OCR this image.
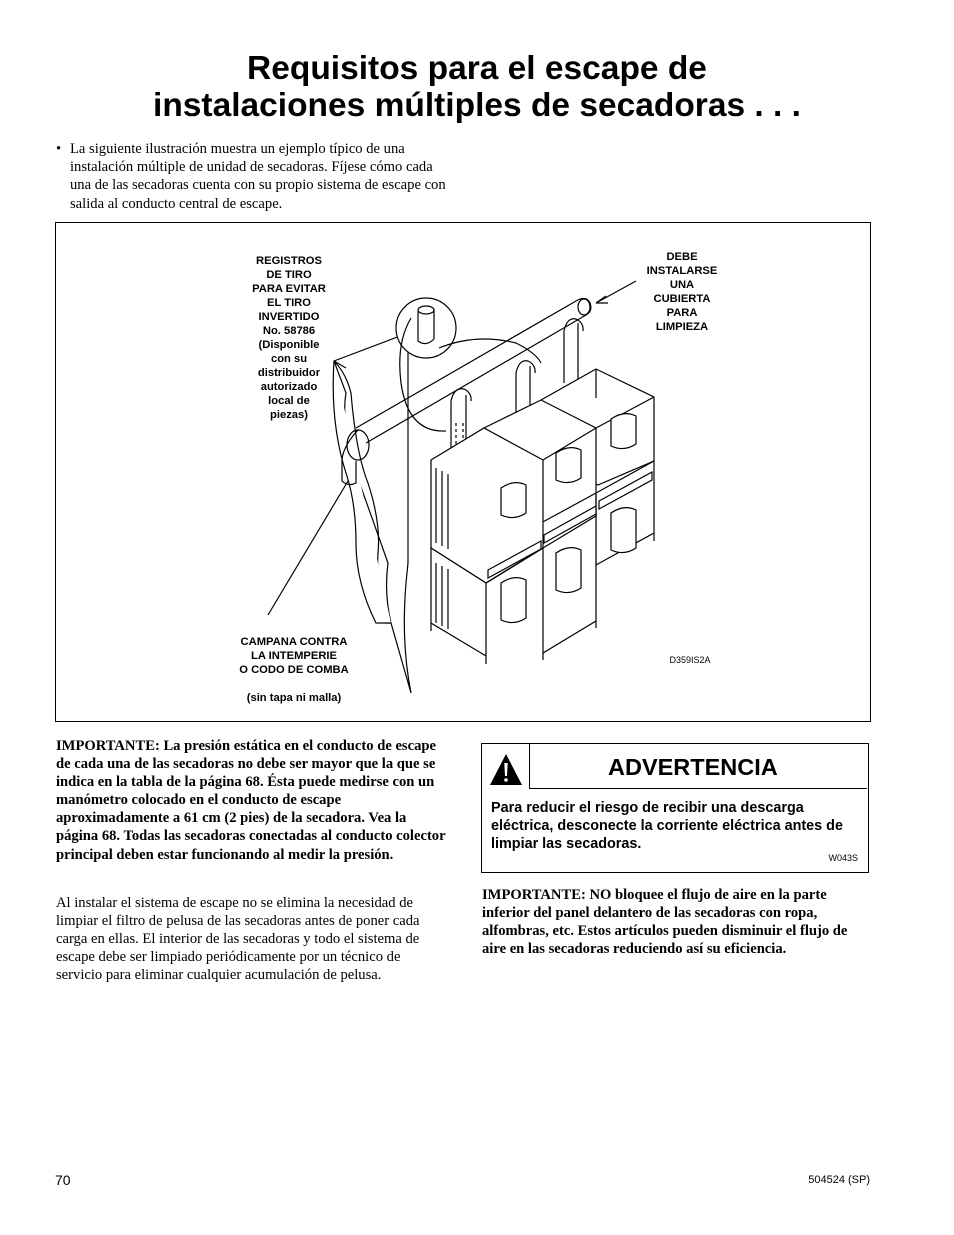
Requisitos para el escape de
instalaciones múltiples de secadoras . . .
• La siguiente ilustración muestra un ejemplo típico de una instalación múltiple de unidad de secadoras. Fíjese cómo cada una de las secadoras cuenta con su propio sistema de escape con salida al conducto central de escape.
REGISTROS
DE TIRO
PARA EVITAR
EL TIRO
INVERTIDO
No. 58786
(Disponible
con su
distribuidor
autorizado
local de
piezas)
DEBE
INSTALARSE
UNA
CUBIERTA
PARA
LIMPIEZA

CAMPANA CONTRA
LA INTEMPERIE
O CODO DE COMBA

(sin tapa ni malla)

D359IS2A
IMPORTANTE: La presión estática en el conducto de escape de cada una de las secadoras no debe ser mayor que la que se indica en la tabla de la página 68. Ésta puede medirse con un manómetro colocado en el conducto de escape aproximadamente a 61 cm (2 pies) de la secadora. Vea la página 68. Todas las secadoras conectadas al conducto colector principal deben estar funcionando al medir la presión.
Al instalar el sistema de escape no se elimina la necesidad de limpiar el filtro de pelusa de las secadoras antes de poner cada carga en ellas. El interior de las secadoras y todo el sistema de escape debe ser limpiado periódicamente por un técnico de servicio para eliminar cualquier acumulación de pelusa.
ADVERTENCIA
Para reducir el riesgo de recibir una descarga eléctrica, desconecte la corriente eléctrica antes de limpiar las secadoras.
W043S
IMPORTANTE: NO bloquee el flujo de aire en la parte inferior del panel delantero de las secadoras con ropa, alfombras, etc. Estos artículos pueden disminuir el flujo de aire en las secadoras reduciendo así su eficiencia.
70	504524 (SP)
